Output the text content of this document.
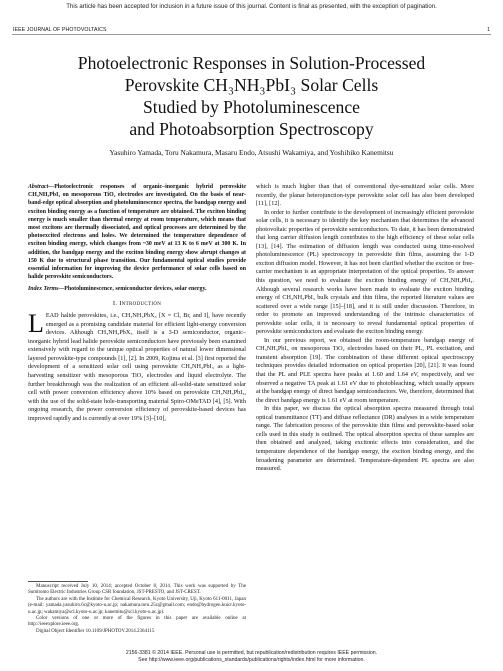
This article has been accepted for inclusion in a future issue of this journal. Content is final as presented, with the exception of pagination.
IEEE JOURNAL OF PHOTOVOLTAICS	1
Photoelectronic Responses in Solution-Processed
Perovskite CH₃NH₃PbI₃ Solar Cells
Studied by Photoluminescence
and Photoabsorption Spectroscopy
Yasuhiro Yamada, Toru Nakamura, Masaru Endo, Atsushi Wakamiya, and Yoshihiko Kanemitsu

Abstract—Photoelectronic responses of organic–inorganic hybrid perovskite CH₃NH₃PbI₃ on mesoporous TiO₂ electrodes are investigated. On the basis of near-band-edge optical absorption and photoluminescence spectra, the bandgap energy and exciton binding energy as a function of temperature are obtained. The exciton binding energy is much smaller than thermal energy at room temperature, which means that most excitons are thermally dissociated, and optical processes are determined by the photoexcited electrons and holes. We determined the temperature dependence of exciton binding energy, which changes from ~30 meV at 13 K to 6 meV at 300 K. In addition, the bandgap energy and the exciton binding energy show abrupt changes at 150 K due to structural phase transition. Our fundamental optical studies provide essential information for improving the device performance of solar cells based on halide perovskite semiconductors.

Index Terms—Photoluminescence, semiconductor devices, solar energy.

I. Introduction

LEAD halide perovskites, i.e., CH₃NH₃PbX₃ [X = Cl, Br, and I], have recently emerged as a promising candidate material for efficient light-energy conversion devices. Although CH₃NH₃PbX₃ itself is a 3-D semiconductor, organic–inorganic hybrid lead halide perovskite semiconductors have previously been examined extensively with regard to the unique optical properties of natural lower dimensional layered perovskite-type compounds [1], [2]. In 2009, Kojima et al. [3] first reported the development of a sensitized solar cell using perovskite CH₃NH₃PbI₃ as a light-harvesting sensitizer with mesoporous TiO₂ electrodes and liquid electrolyte. The further breakthrough was the realization of an efficient all-solid-state sensitized solar cell with power conversion efficiency above 10% based on perovskite CH₃NH₃PbI₃, with the use of the solid-state hole-transporting material Spiro-OMeTAD [4], [5]. With ongoing research, the power conversion efficiency of perovskite-based devices has improved rapidly and is currently at over 19% [3]–[10],

Manuscript received July 10, 2014; accepted October 8, 2014. This work was supported by The Sumitomo Electric Industries Group CSR foundation, JST-PRESTO, and JST-CREST.

The authors are with the Institute for Chemical Research, Kyoto University, Uji, Kyoto 611-0011, Japan (e-mail: yamada.yasuhiro.6c@kyoto-u.ac.jp; nakamura.toru.25z@gmail.com; endo@hydrogen.kuicr.kyoto-u.ac.jp; wakamiya@scl.kyoto-u.ac.jp; kanemitu@scl.kyoto-u.ac.jp).

Color versions of one or more of the figures in this paper are available online at http://ieeexplore.ieee.org.

Digital Object Identifier 10.1109/JPHOTOV.2014.2364115

which is much higher than that of conventional dye-sensitized solar cells. More recently, the planar heterojunction-type perovskite solar cell has also been developed [11], [12].

In order to further contribute to the development of increasingly efficient perovskite solar cells, it is necessary to identify the key mechanism that determines the advanced photovoltaic properties of perovskite semiconductors. To date, it has been demonstrated that long carrier diffusion length contributes to the high efficiency of these solar cells [13], [14]. The estimation of diffusion length was conducted using time-resolved photoluminescence (PL) spectroscopy in perovskite thin films, assuming the 1-D exciton diffusion model. However, it has not been clarified whether the exciton or free-carrier mechanism is an appropriate interpretation of the optical properties. To answer this question, we need to evaluate the exciton binding energy of CH₃NH₃PbI₃. Although several research works have been made to evaluate the exciton binding energy of CH₃NH₃PbI₃ bulk crystals and thin films, the reported literature values are scattered over a wide range [15]–[18], and it is still under discussion. Therefore, in order to promote an improved understanding of the intrinsic characteristics of perovskite solar cells, it is necessary to reveal fundamental optical properties of perovskite semiconductors and evaluate the exciton binding energy.

In our previous report, we obtained the room-temperature bandgap energy of CH₃NH₃PbI₃ on mesoporous TiO₂ electrodes based on their PL, PL excitation, and transient absorption [19]. The combination of these different optical spectroscopy techniques provides detailed information on optical properties [20], [21]. It was found that the PL and PLE spectra have peaks at 1.60 and 1.64 eV, respectively, and we observed a negative TA peak at 1.61 eV due to photobleaching, which usually appears at the bandgap energy of direct bandgap semiconductors. We, therefore, determined that the direct bandgap energy is 1.61 eV at room temperature.

In this paper, we discuss the optical absorption spectra measured through total optical transmittance (TT) and diffuse reflectance (DR) analyses in a wide temperature range. The fabrication process of the perovskite thin films and perovskite-based solar cells used in this study is outlined. The optical absorption spectra of these samples are then obtained and analyzed, taking excitonic effects into consideration, and the temperature dependence of the bandgap energy, the exciton binding energy, and the broadening parameter are determined. Temperature-dependent PL spectra are also measured.

2156-3381 © 2014 IEEE. Personal use is permitted, but republication/redistribution requires IEEE permission.
See http://www.ieee.org/publications_standards/publications/rights/index.html for more information.
